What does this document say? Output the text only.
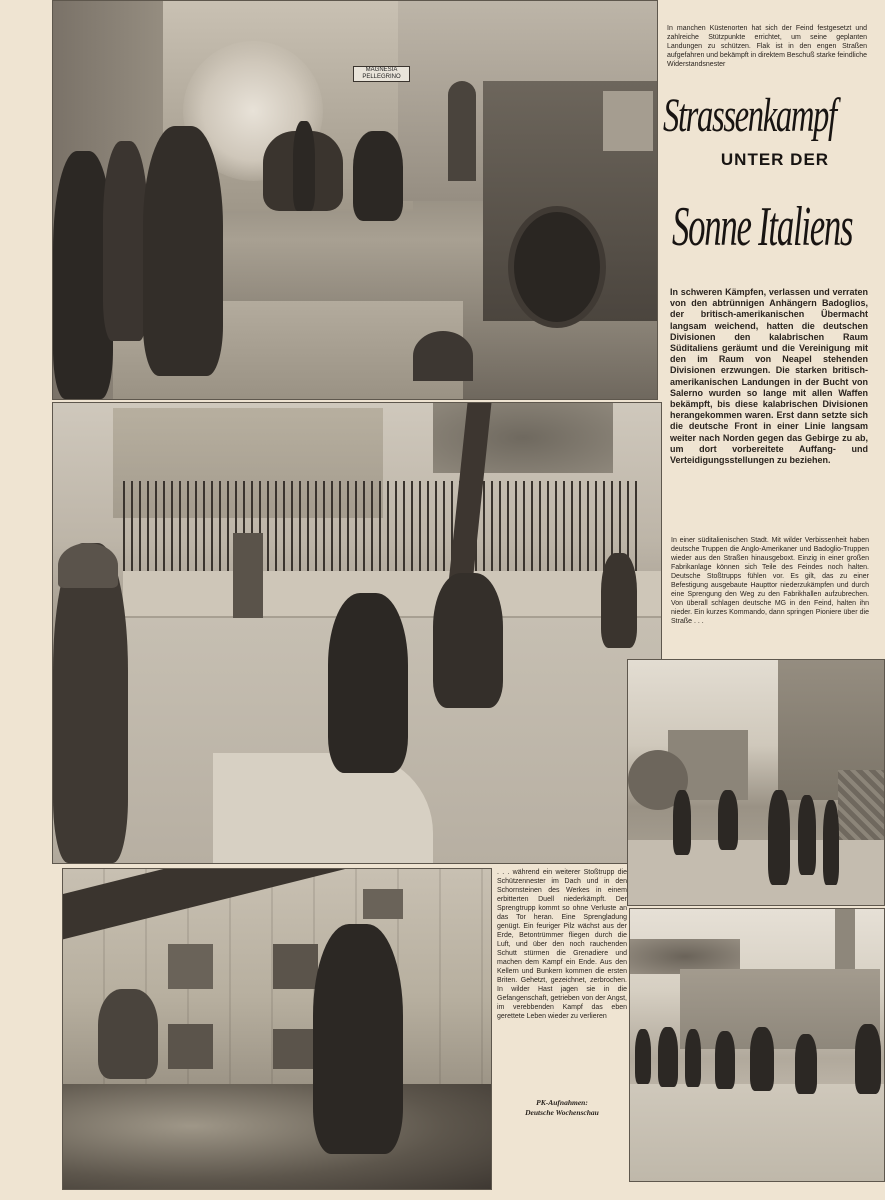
MAGNESIA PELLEGRINO
In manchen Küstenorten hat sich der Feind festgesetzt und zahlreiche Stützpunkte errichtet, um seine geplanten Landungen zu schützen. Flak ist in den engen Straßen aufgefahren und bekämpft in direktem Beschuß starke feindliche Widerstandsnester
Strassenkampf
UNTER DER
Sonne Italiens
In schweren Kämpfen, verlassen und verraten von den abtrünnigen Anhängern Badoglios, der britisch-amerikanischen Übermacht langsam weichend, hatten die deutschen Divisionen den kalabrischen Raum Süditaliens geräumt und die Vereinigung mit den im Raum von Neapel stehenden Divisionen erzwungen. Die starken britisch-amerikanischen Landungen in der Bucht von Salerno wurden so lange mit allen Waffen bekämpft, bis diese kalabrischen Divisionen herangekommen waren. Erst dann setzte sich die deutsche Front in einer Linie langsam weiter nach Norden gegen das Gebirge zu ab, um dort vorbereitete Auffang- und Verteidigungsstellungen zu beziehen.
In einer süditalienischen Stadt. Mit wilder Verbissenheit haben deutsche Truppen die Anglo-Amerikaner und Badoglio-Truppen wieder aus den Straßen hinausgeboxt. Einzig in einer großen Fabrikanlage können sich Teile des Feindes noch halten. Deutsche Stoßtrupps fühlen vor. Es gilt, das zu einer Befestigung ausgebaute Haupttor niederzukämpfen und durch eine Sprengung den Weg zu den Fabrikhallen aufzubrechen. Von überall schlagen deutsche MG in den Feind, halten ihn nieder. Ein kurzes Kommando, dann springen Pioniere über die Straße . . .
. . . während ein weiterer Stoßtrupp die Schützennester im Dach und in den Schornsteinen des Werkes in einem erbitterten Duell niederkämpft. Der Sprengtrupp kommt so ohne Verluste an das Tor heran. Eine Sprengladung genügt. Ein feuriger Pilz wächst aus der Erde, Betontrümmer fliegen durch die Luft, und über den noch rauchenden Schutt stürmen die Grenadiere und machen dem Kampf ein Ende. Aus den Kellern und Bunkern kommen die ersten Briten. Gehetzt, gezeichnet, zerbrochen. In wilder Hast jagen sie in die Gefangenschaft, getrieben von der Angst, im verebbenden Kampf das eben gerettete Leben wieder zu verlieren
PK-Aufnahmen:
Deutsche Wochenschau
